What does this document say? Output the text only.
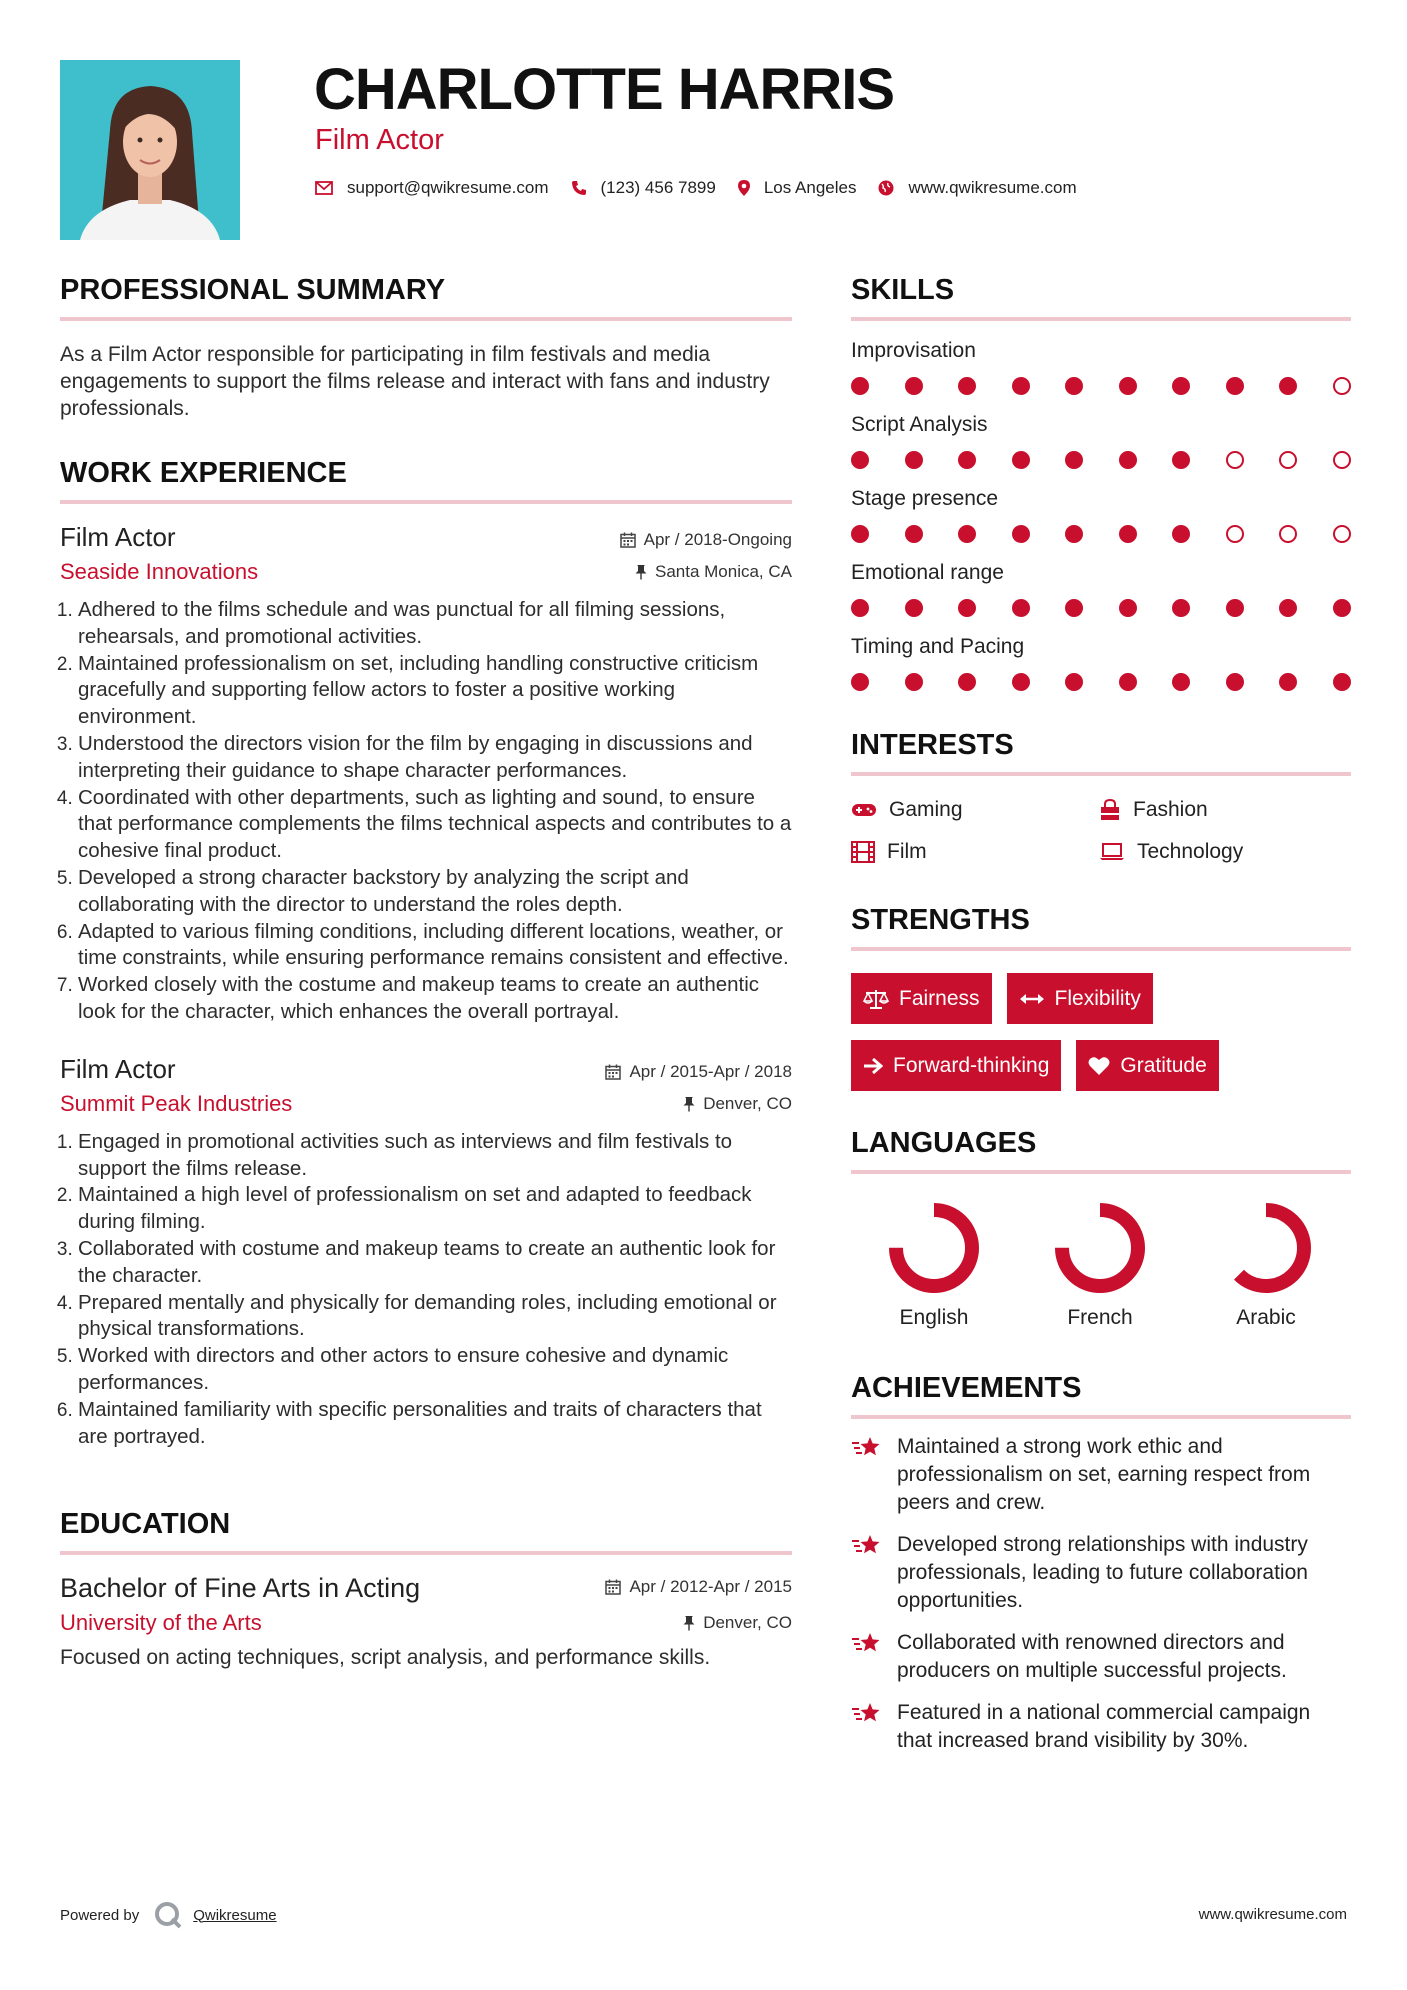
CHARLOTTE HARRIS
Film Actor
support@qwikresume.com	(123) 456 7899	Los Angeles	www.qwikresume.com
PROFESSIONAL SUMMARY
As a Film Actor responsible for participating in film festivals and media engagements to support the films release and interact with fans and industry professionals.
WORK EXPERIENCE
Apr / 2018-Ongoing
Santa Monica, CA
Film Actor
Seaside Innovations
1. Adhered to the films schedule and was punctual for all filming sessions, rehearsals, and promotional activities.
2. Maintained professionalism on set, including handling constructive criticism gracefully and supporting fellow actors to foster a positive working environment.
3. Understood the directors vision for the film by engaging in discussions and interpreting their guidance to shape character performances.
4. Coordinated with other departments, such as lighting and sound, to ensure that performance complements the films technical aspects and contributes to a cohesive final product.
5. Developed a strong character backstory by analyzing the script and collaborating with the director to understand the roles depth.
6. Adapted to various filming conditions, including different locations, weather, or time constraints, while ensuring performance remains consistent and effective.
7. Worked closely with the costume and makeup teams to create an authentic look for the character, which enhances the overall portrayal.
Apr / 2015-Apr / 2018
Denver, CO
Film Actor
Summit Peak Industries
1. Engaged in promotional activities such as interviews and film festivals to support the films release.
2. Maintained a high level of professionalism on set and adapted to feedback during filming.
3. Collaborated with costume and makeup teams to create an authentic look for the character.
4. Prepared mentally and physically for demanding roles, including emotional or physical transformations.
5. Worked with directors and other actors to ensure cohesive and dynamic performances.
6. Maintained familiarity with specific personalities and traits of characters that are portrayed.
EDUCATION
Apr / 2012-Apr / 2015
Denver, CO
Bachelor of Fine Arts in Acting
University of the Arts
Focused on acting techniques, script analysis, and performance skills.
SKILLS
Improvisation
Script Analysis
Stage presence
Emotional range
Timing and Pacing
INTERESTS
Gaming	Fashion
Film	Technology
STRENGTHS
Fairness	Flexibility
Forward-thinking	Gratitude
LANGUAGES
English	French	Arabic
ACHIEVEMENTS
Maintained a strong work ethic and professionalism on set, earning respect from peers and crew.
Developed strong relationships with industry professionals, leading to future collaboration opportunities.
Collaborated with renowned directors and producers on multiple successful projects.
Featured in a national commercial campaign that increased brand visibility by 30%.
Powered by	Qwikresume	www.qwikresume.com
